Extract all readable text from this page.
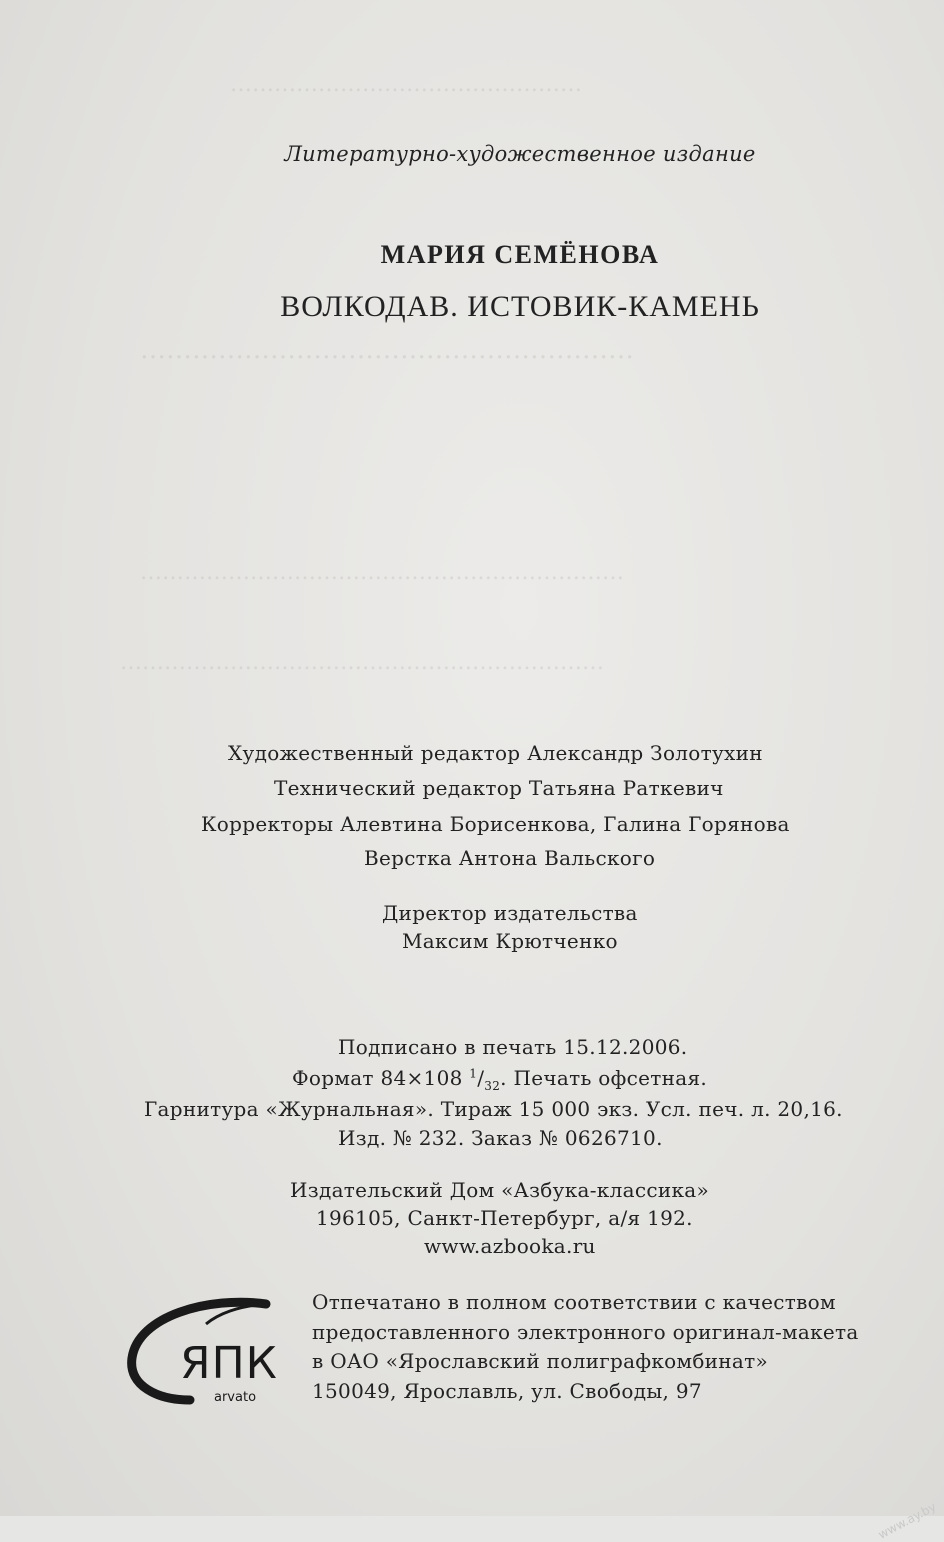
…………………………………………
…………………………………………………
…………………………………………………………
…………………………………………………………
Литературно-художественное издание
МАРИЯ СЕМЁНОВА
ВОЛКОДАВ. ИСТОВИК-КАМЕНЬ
Художественный редактор Александр Золотухин
Технический редактор Татьяна Раткевич
Корректоры Алевтина Борисенкова, Галина Горянова
Верстка Антона Вальского
Директор издательства
Максим Крютченко
Подписано в печать 15.12.2006.
Формат 84×108 $^1/_{32}$. Печать офсетная.
Гарнитура «Журнальная». Тираж 15 000 экз. Усл. печ. л. 20,16.
Изд. № 232. Заказ № 0626710.
Издательский Дом «Азбука-классика»
196105, Санкт-Петербург, а/я 192.
www.azbooka.ru
ЯПК
arvato
Отпечатано в полном соответствии с качеством
предоставленного электронного оригинал-макета
в ОАО «Ярославский полиграфкомбинат»
150049, Ярославль, ул. Свободы, 97
www.ay.by
